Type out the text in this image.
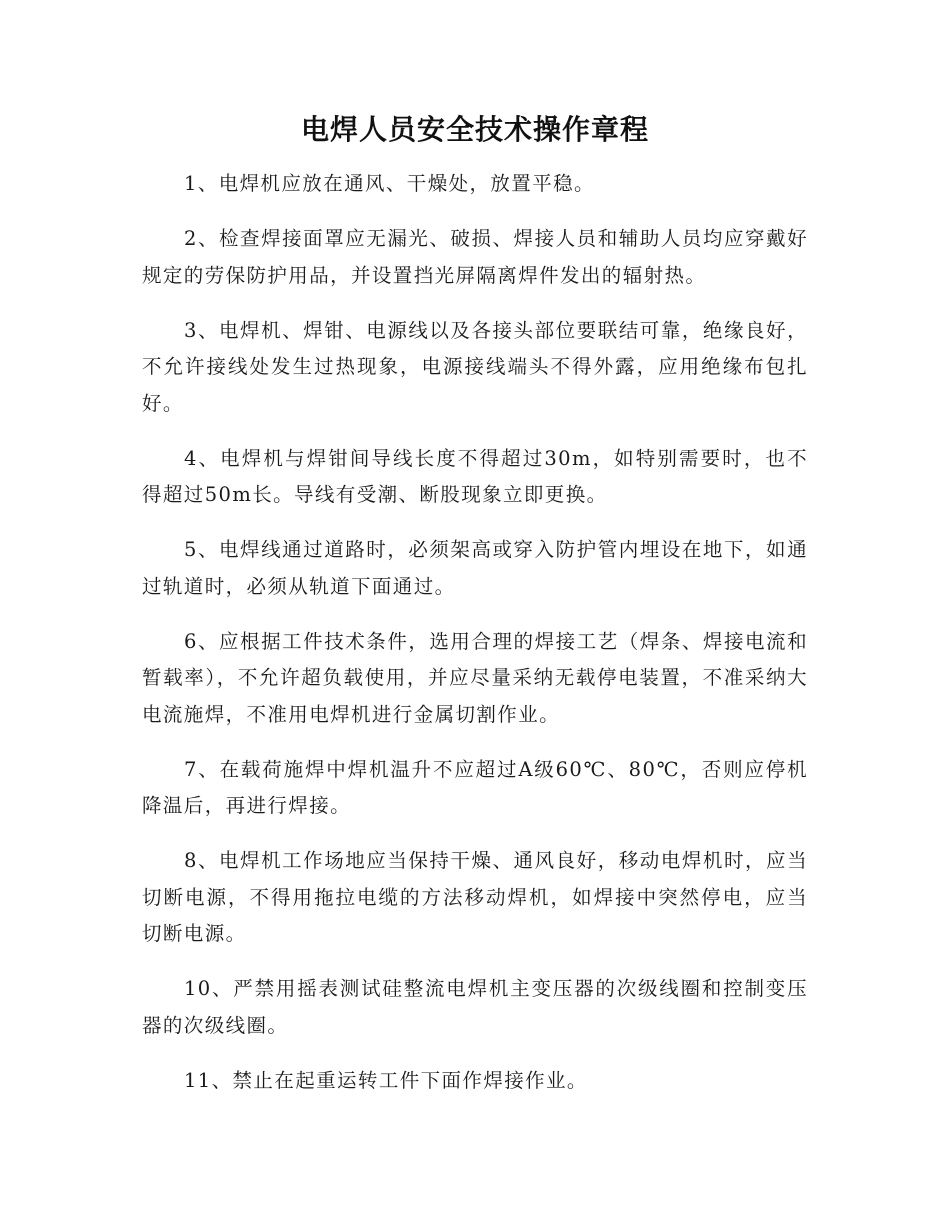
电焊人员安全技术操作章程

1、电焊机应放在通风、干燥处，放置平稳。

2、检查焊接面罩应无漏光、破损、焊接人员和辅助人员均应穿戴好规定的劳保防护用品，并设置挡光屏隔离焊件发出的辐射热。

3、电焊机、焊钳、电源线以及各接头部位要联结可靠，绝缘良好，不允许接线处发生过热现象，电源接线端头不得外露，应用绝缘布包扎好。

4、电焊机与焊钳间导线长度不得超过30m，如特别需要时，也不得超过50m长。导线有受潮、断股现象立即更换。

5、电焊线通过道路时，必须架高或穿入防护管内埋设在地下，如通过轨道时，必须从轨道下面通过。

6、应根据工件技术条件，选用合理的焊接工艺（焊条、焊接电流和暂载率），不允许超负载使用，并应尽量采纳无载停电装置，不准采纳大电流施焊，不准用电焊机进行金属切割作业。

7、在载荷施焊中焊机温升不应超过A级60℃、80℃，否则应停机降温后，再进行焊接。

8、电焊机工作场地应当保持干燥、通风良好，移动电焊机时，应当切断电源，不得用拖拉电缆的方法移动焊机，如焊接中突然停电，应当切断电源。

10、严禁用摇表测试硅整流电焊机主变压器的次级线圈和控制变压器的次级线圈。

11、禁止在起重运转工件下面作焊接作业。
